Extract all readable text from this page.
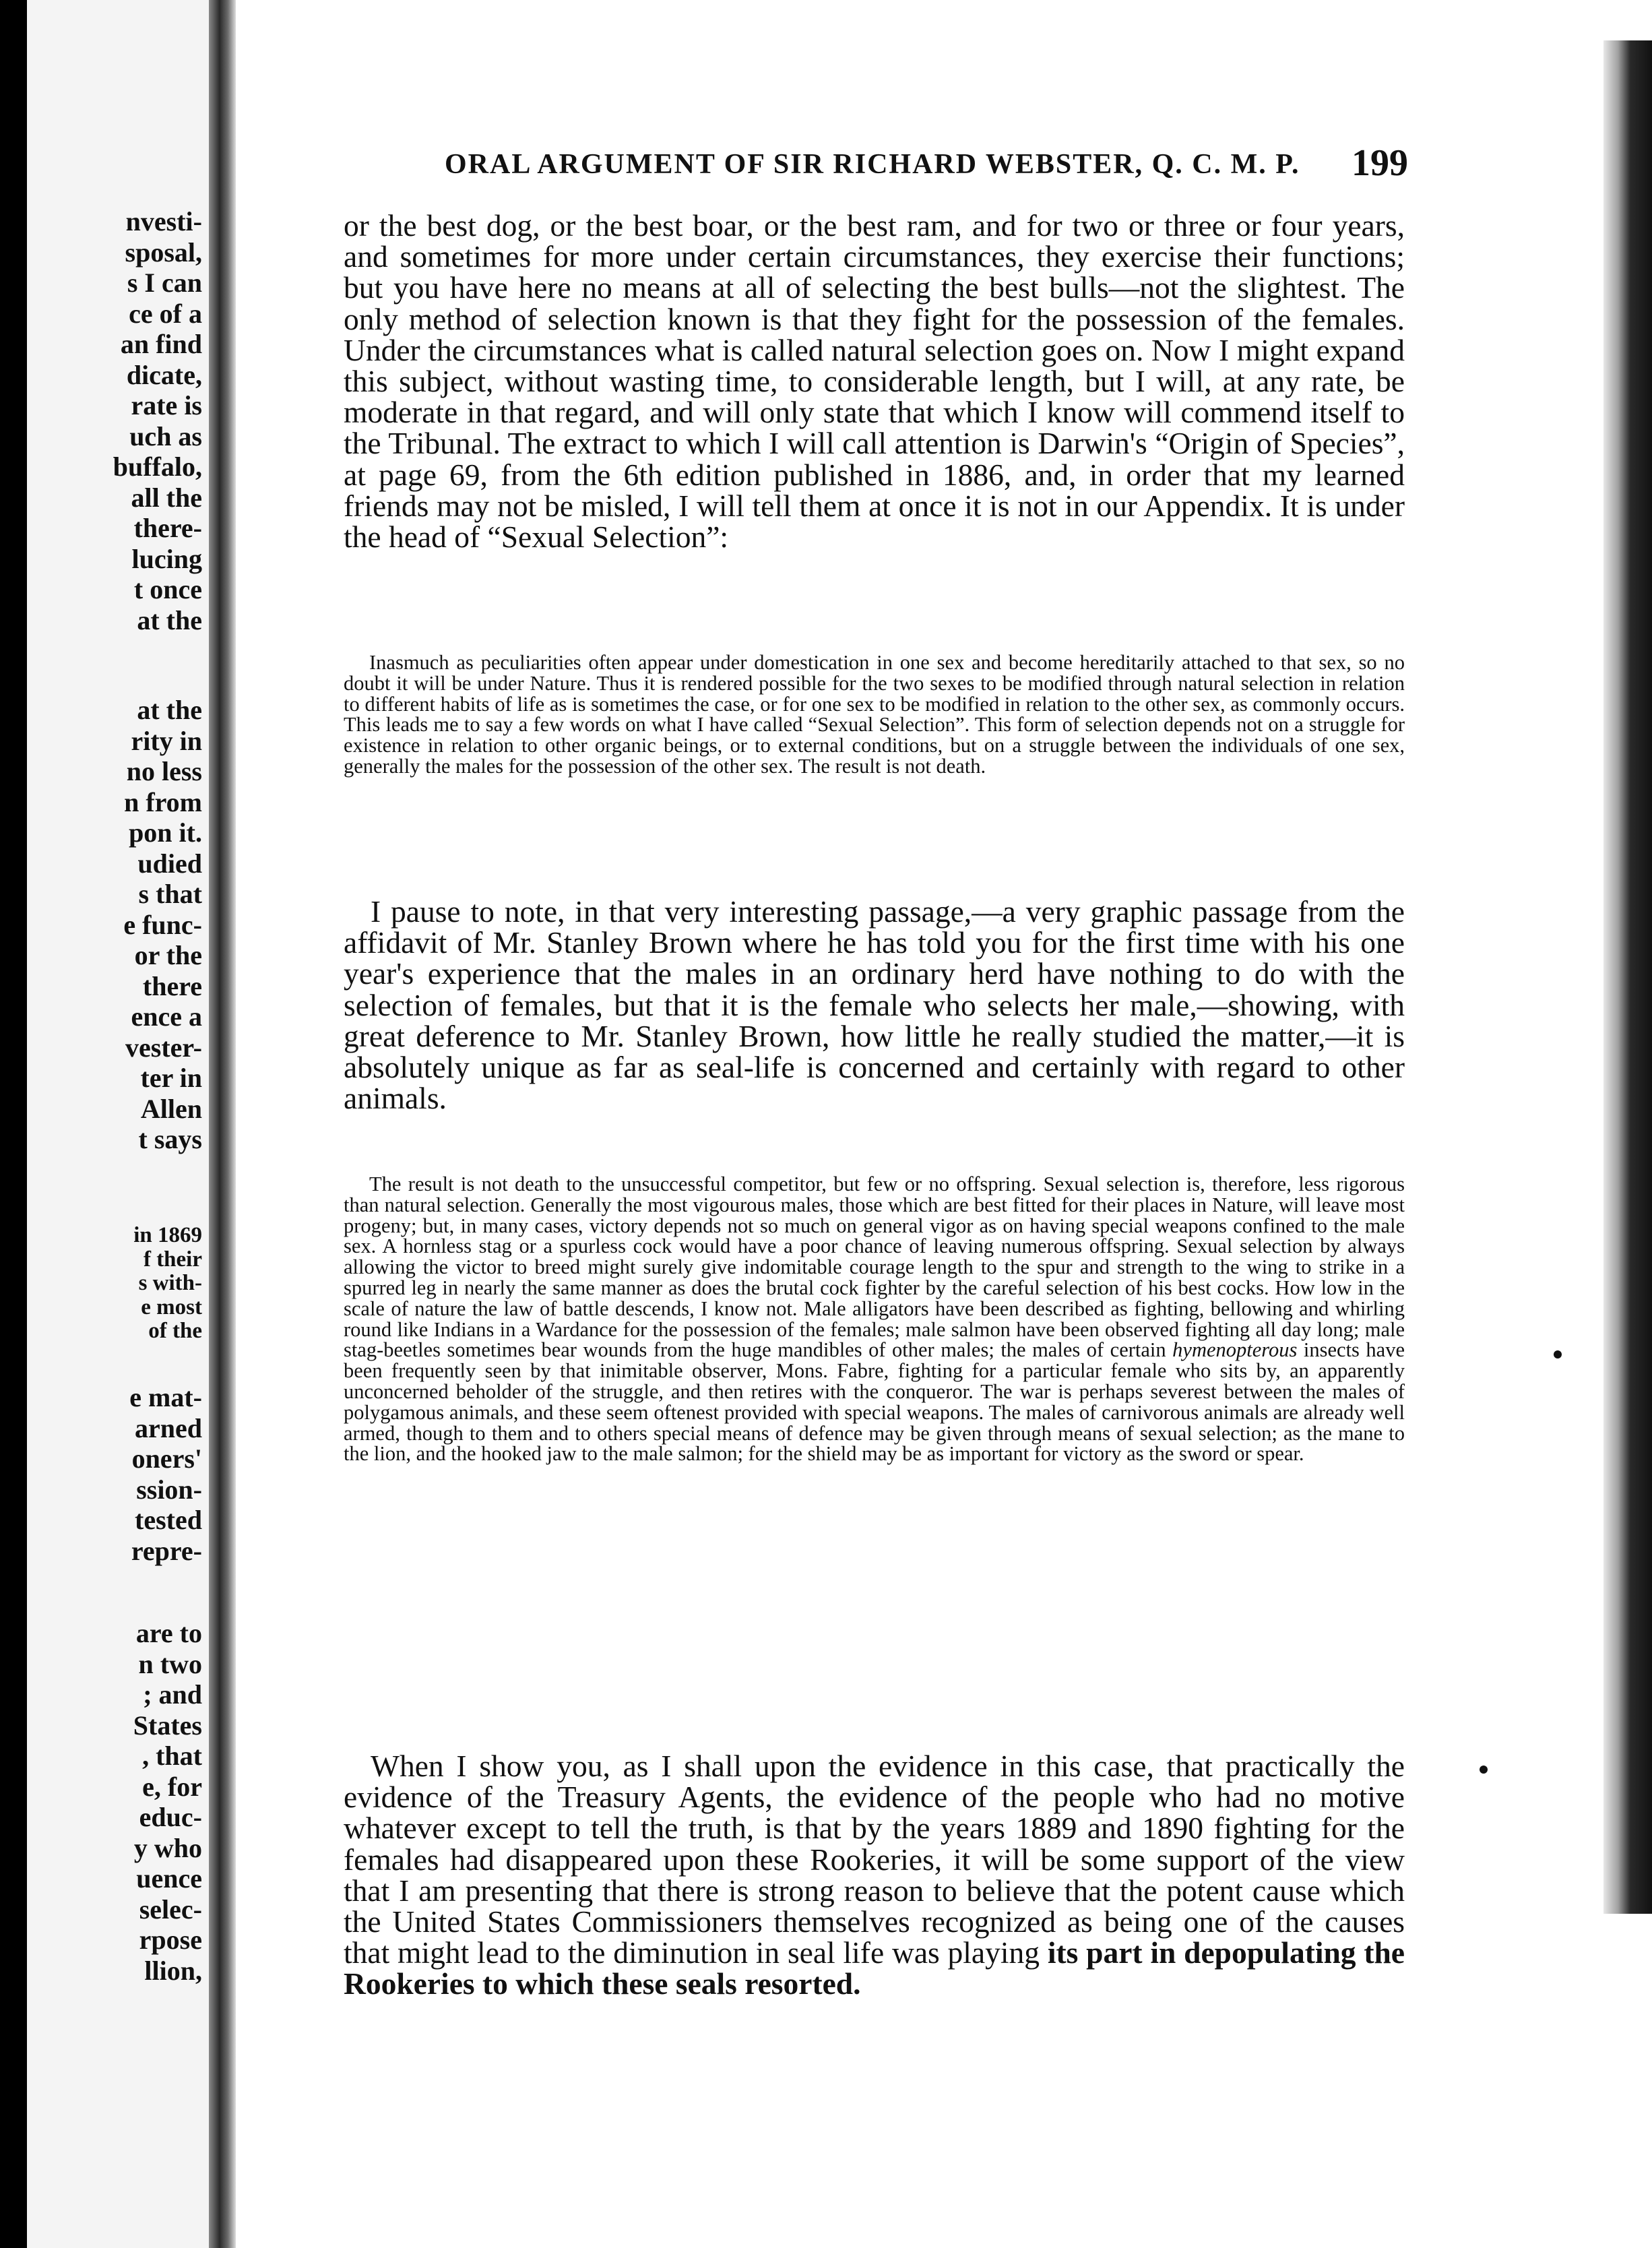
nvesti-
sposal,
s I can
ce of a
an find
dicate,
rate is
uch as
buffalo,
all the
there-
lucing
t once
at the
at the
rity in
no less
n from
pon it.
udied
s that
e func-
or the
there
ence a
vester-
ter in
Allen
t says
in 1869
f their
s with-
e most
of the
e mat-
arned
oners'
ssion-
tested
repre-
are to
n two
; and
States
, that
e, for
educ-
y who
uence
selec-
rpose
llion,
ORAL ARGUMENT OF SIR RICHARD WEBSTER, Q. C. M. P. 199

or the best dog, or the best boar, or the best ram, and for two or three or four years, and sometimes for more under certain circumstances, they exercise their functions; but you have here no means at all of selecting the best bulls—not the slightest. The only method of selection known is that they fight for the possession of the females. Under the circumstances what is called natural selection goes on. Now I might expand this subject, without wasting time, to considerable length, but I will, at any rate, be moderate in that regard, and will only state that which I know will commend itself to the Tribunal. The extract to which I will call attention is Darwin's “Origin of Species”, at page 69, from the 6th edition published in 1886, and, in order that my learned friends may not be misled, I will tell them at once it is not in our Appendix. It is under the head of “Sexual Selection”:

Inasmuch as peculiarities often appear under domestication in one sex and become hereditarily attached to that sex, so no doubt it will be under Nature. Thus it is rendered possible for the two sexes to be modified through natural selection in relation to different habits of life as is sometimes the case, or for one sex to be modified in relation to the other sex, as commonly occurs. This leads me to say a few words on what I have called “Sexual Selection”. This form of selection depends not on a struggle for existence in relation to other organic beings, or to external conditions, but on a struggle between the individuals of one sex, generally the males for the possession of the other sex. The result is not death.

I pause to note, in that very interesting passage,—a very graphic passage from the affidavit of Mr. Stanley Brown where he has told you for the first time with his one year's experience that the males in an ordinary herd have nothing to do with the selection of females, but that it is the female who selects her male,—showing, with great deference to Mr. Stanley Brown, how little he really studied the matter,—it is absolutely unique as far as seal-life is concerned and certainly with regard to other animals.

The result is not death to the unsuccessful competitor, but few or no offspring. Sexual selection is, therefore, less rigorous than natural selection. Generally the most vigourous males, those which are best fitted for their places in Nature, will leave most progeny; but, in many cases, victory depends not so much on general vigor as on having special weapons confined to the male sex. A hornless stag or a spurless cock would have a poor chance of leaving numerous offspring. Sexual selection by always allowing the victor to breed might surely give indomitable courage length to the spur and strength to the wing to strike in a spurred leg in nearly the same manner as does the brutal cock fighter by the careful selection of his best cocks. How low in the scale of nature the law of battle descends, I know not. Male alligators have been described as fighting, bellowing and whirling round like Indians in a Wardance for the possession of the females; male salmon have been observed fighting all day long; male stag-beetles sometimes bear wounds from the huge mandibles of other males; the males of certain hymenopterous insects have been frequently seen by that inimitable observer, Mons. Fabre, fighting for a particular female who sits by, an apparently unconcerned beholder of the struggle, and then retires with the conqueror. The war is perhaps severest between the males of polygamous animals, and these seem oftenest provided with special weapons. The males of carnivorous animals are already well armed, though to them and to others special means of defence may be given through means of sexual selection; as the mane to the lion, and the hooked jaw to the male salmon; for the shield may be as important for victory as the sword or spear.

When I show you, as I shall upon the evidence in this case, that practically the evidence of the Treasury Agents, the evidence of the people who had no motive whatever except to tell the truth, is that by the years 1889 and 1890 fighting for the females had disappeared upon these Rookeries, it will be some support of the view that I am presenting that there is strong reason to believe that the potent cause which the United States Commissioners themselves recognized as being one of the causes that might lead to the diminution in seal life was playing its part in depopulating the Rookeries to which these seals resorted.
